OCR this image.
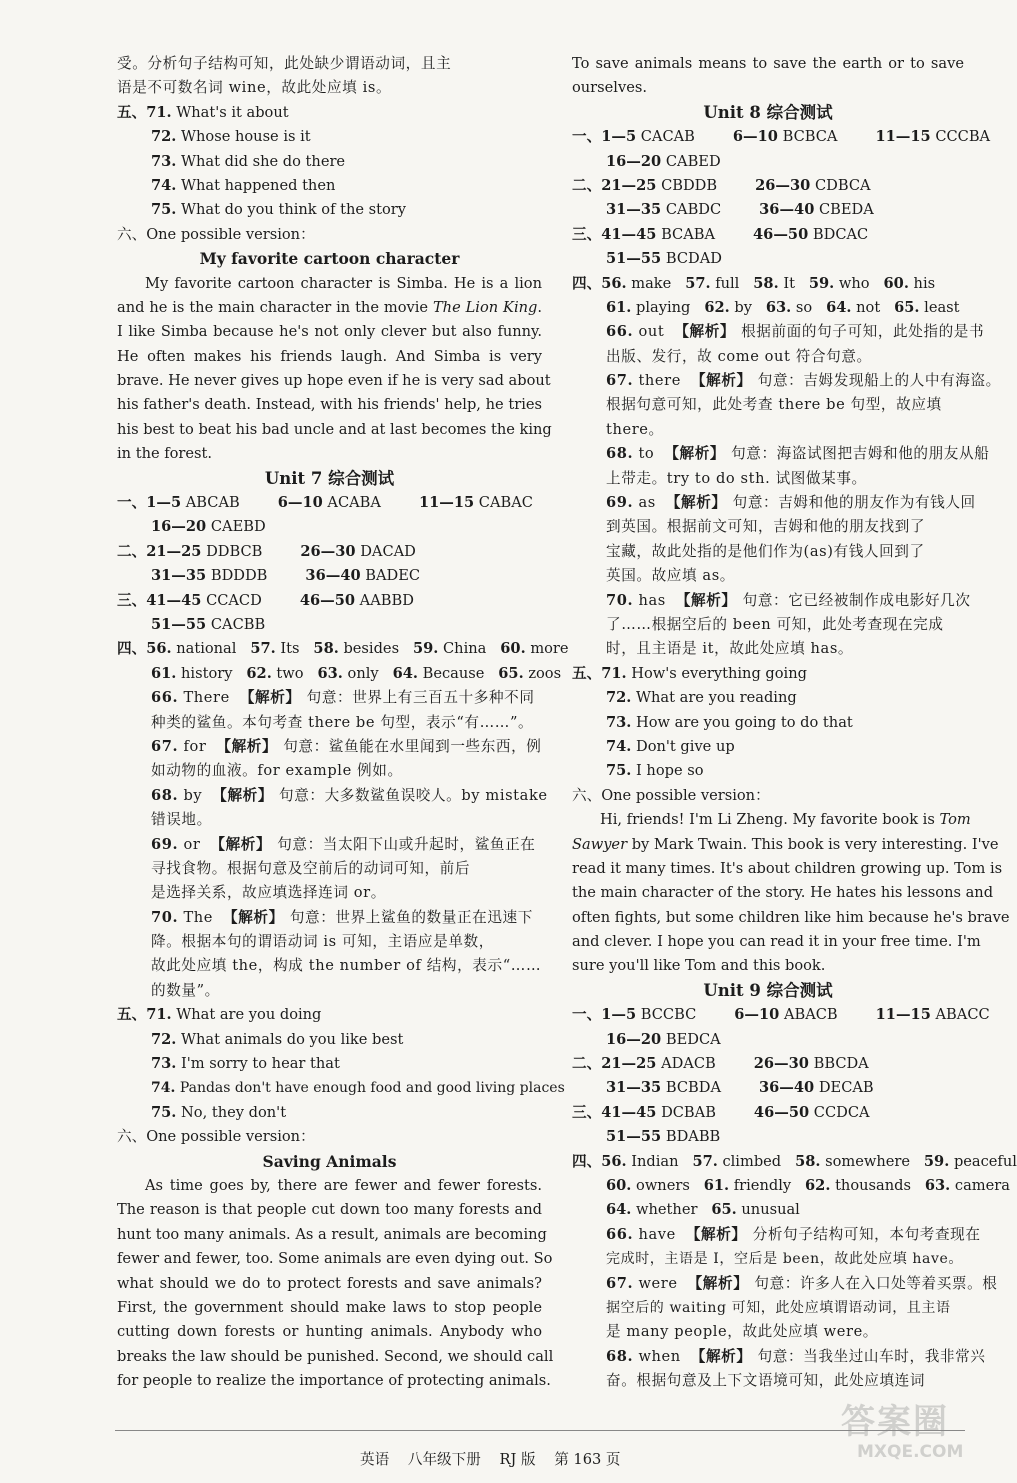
受。分析句子结构可知，此处缺少谓语动词，且主
语是不可数名词 wine，故此处应填 is。
五、71. What's it about
72. Whose house is it
73. What did she do there
74. What happened then
75. What do you think of the story
六、One possible version：
My favorite cartoon character
My favorite cartoon character is Simba. He is a lion
and he is the main character in the movie The Lion King.
I like Simba because he's not only clever but also funny.
He often makes his friends laugh. And Simba is very
brave. He never gives up hope even if he is very sad about
his father's death. Instead, with his friends' help, he tries
his best to beat his bad uncle and at last becomes the king
in the forest.
Unit 7 综合测试
一、1—5 ABCAB	6—10 ACABA	11—15 CABAC
16—20 CAEBD
二、21—25 DDBCB	26—30 DACAD
31—35 BDDDB	36—40 BADEC
三、41—45 CCACD	46—50 AABBD
51—55 CACBB
四、56. national 57. Its 58. besides 59. China 60. more
61. history 62. two 63. only 64. Because 65. zoos
66. There 【解析】 句意：世界上有三百五十多种不同
种类的鲨鱼。本句考查 there be 句型，表示“有……”。
67. for 【解析】 句意：鲨鱼能在水里闻到一些东西，例
如动物的血液。for example 例如。
68. by 【解析】 句意：大多数鲨鱼误咬人。by mistake
错误地。
69. or 【解析】 句意：当太阳下山或升起时，鲨鱼正在
寻找食物。根据句意及空前后的动词可知，前后
是选择关系，故应填选择连词 or。
70. The 【解析】 句意：世界上鲨鱼的数量正在迅速下
降。根据本句的谓语动词 is 可知，主语应是单数，
故此处应填 the，构成 the number of 结构，表示“……
的数量”。
五、71. What are you doing
72. What animals do you like best
73. I'm sorry to hear that
74. Pandas don't have enough food and good living places
75. No, they don't
六、One possible version：
Saving Animals
As time goes by, there are fewer and fewer forests.
The reason is that people cut down too many forests and
hunt too many animals. As a result, animals are becoming
fewer and fewer, too. Some animals are even dying out. So
what should we do to protect forests and save animals?
First, the government should make laws to stop people
cutting down forests or hunting animals. Anybody who
breaks the law should be punished. Second, we should call
for people to realize the importance of protecting animals.
To save animals means to save the earth or to save
ourselves.
Unit 8 综合测试
一、1—5 CACAB	6—10 BCBCA	11—15 CCCBA
16—20 CABED
二、21—25 CBDDB	26—30 CDBCA
31—35 CABDC	36—40 CBEDA
三、41—45 BCABA	46—50 BDCAC
51—55 BCDAD
四、56. make 57. full 58. It 59. who 60. his
61. playing 62. by 63. so 64. not 65. least
66. out 【解析】 根据前面的句子可知，此处指的是书
出版、发行，故 come out 符合句意。
67. there 【解析】 句意：吉姆发现船上的人中有海盗。
根据句意可知，此处考查 there be 句型，故应填
there。
68. to 【解析】 句意：海盗试图把吉姆和他的朋友从船
上带走。try to do sth. 试图做某事。
69. as 【解析】 句意：吉姆和他的朋友作为有钱人回
到英国。根据前文可知，吉姆和他的朋友找到了
宝藏，故此处指的是他们作为(as)有钱人回到了
英国。故应填 as。
70. has 【解析】 句意：它已经被制作成电影好几次
了……根据空后的 been 可知，此处考查现在完成
时，且主语是 it，故此处应填 has。
五、71. How's everything going
72. What are you reading
73. How are you going to do that
74. Don't give up
75. I hope so
六、One possible version：
Hi, friends! I'm Li Zheng. My favorite book is Tom
Sawyer by Mark Twain. This book is very interesting. I've
read it many times. It's about children growing up. Tom is
the main character of the story. He hates his lessons and
often fights, but some children like him because he's brave
and clever. I hope you can read it in your free time. I'm
sure you'll like Tom and this book.
Unit 9 综合测试
一、1—5 BCCBC	6—10 ABACB	11—15 ABACC
16—20 BEDCA
二、21—25 ADACB	26—30 BBCDA
31—35 BCBDA	36—40 DECAB
三、41—45 DCBAB	46—50 CCDCA
51—55 BDABB
四、56. Indian 57. climbed 58. somewhere 59. peaceful
60. owners 61. friendly 62. thousands 63. camera
64. whether 65. unusual
66. have 【解析】 分析句子结构可知，本句考查现在
完成时，主语是 I，空后是 been，故此处应填 have。
67. were 【解析】 句意：许多人在入口处等着买票。根
据空后的 waiting 可知，此处应填谓语动词，且主语
是 many people，故此处应填 were。
68. when 【解析】 句意：当我坐过山车时，我非常兴
奋。根据句意及上下文语境可知，此处应填连词
英语 八年级下册 RJ 版 第 163 页
答案圈
MXQE.COM
